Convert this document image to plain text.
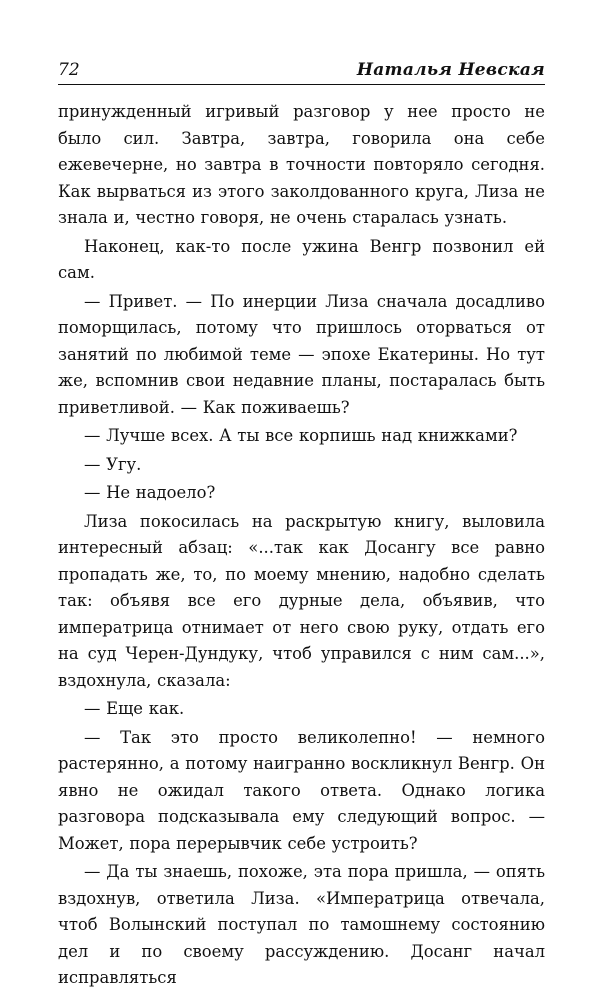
72	Наталья Невская

принужденный игривый разговор у нее просто не было сил. Завтра, завтра, говорила она себе ежевечерне, но завтра в точности повторяло сегодня. Как вырваться из этого заколдованного круга, Лиза не знала и, честно говоря, не очень старалась узнать.

Наконец, как-то после ужина Венгр позвонил ей сам.

— Привет. — По инерции Лиза сначала досадливо поморщилась, потому что пришлось оторваться от занятий по любимой теме — эпохе Екатерины. Но тут же, вспомнив свои недавние планы, постаралась быть приветливой. — Как поживаешь?

— Лучше всех. А ты все корпишь над книжками?

— Угу.

— Не надоело?

Лиза покосилась на раскрытую книгу, выловила интересный абзац: «...так как Досангу все равно пропадать же, то, по моему мнению, надобно сделать так: объявя все его дурные дела, объявив, что императрица отнимает от него свою руку, отдать его на суд Черен-Дундуку, чтоб управился с ним сам...», вздохнула, сказала:

— Еще как.

— Так это просто великолепно! — немного растерянно, а потому наигранно воскликнул Венгр. Он явно не ожидал такого ответа. Однако логика разговора подсказывала ему следующий вопрос. — Может, пора перерывчик себе устроить?

— Да ты знаешь, похоже, эта пора пришла, — опять вздохнув, ответила Лиза. «Императрица отвечала, чтоб Волынский поступал по тамошнему состоянию дел и по своему рассуждению. Досанг начал исправляться
